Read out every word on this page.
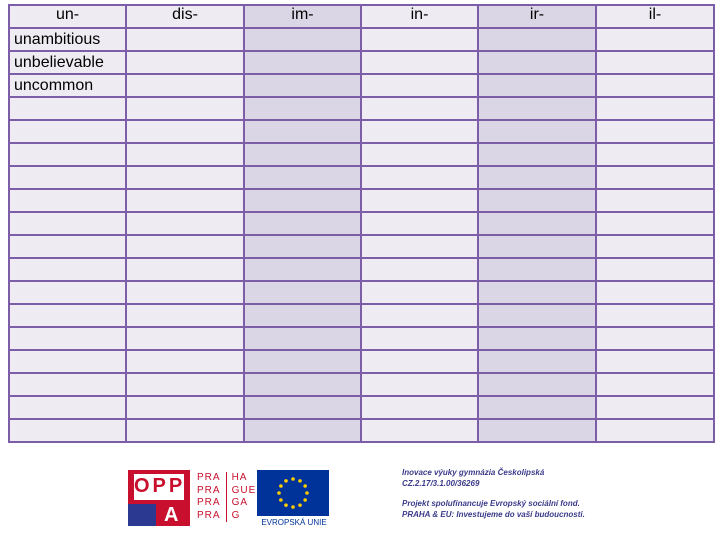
un-	dis-	im-	in-	ir-	il-
unambitious					
unbelievable					
uncommon					

OPP
A
PRA HA
PRA GUE
PRA GA
PRA G
EVROPSKÁ UNIE
Inovace výuky gymnázia Českolipská
CZ.2.17/3.1.00/36269
Projekt spolufinancuje Evropský sociální fond.
PRAHA & EU: Investujeme do vaší budoucnosti.
